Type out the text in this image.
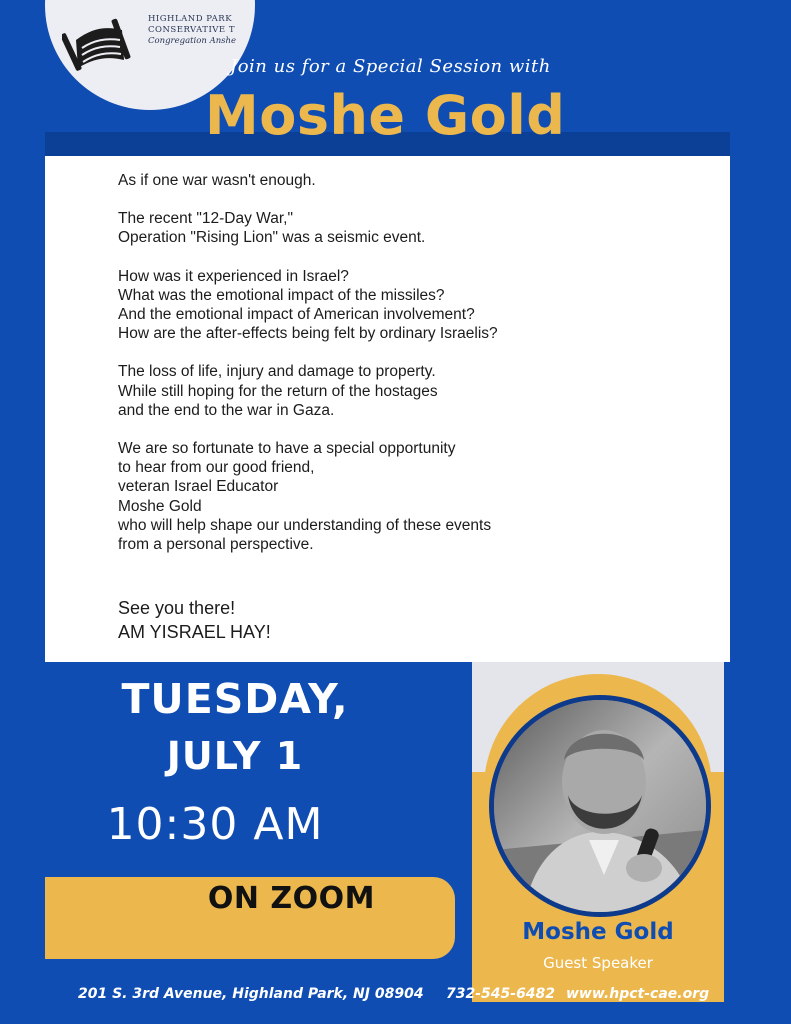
HIGHLAND PARK
CONSERVATIVE T
Congregation Anshe
Join us for a Special Session with
Moshe Gold

As if one war wasn't enough.

The recent "12-Day War,"
Operation "Rising Lion" was a seismic event.

How was it experienced in Israel?
What was the emotional impact of the missiles?
And the emotional impact of American involvement?
How are the after-effects being felt by ordinary Israelis?

The loss of life, injury and damage to property.
While still hoping for the return of the hostages
and the end to the war in Gaza.

We are so fortunate to have a special opportunity
to hear from our good friend,
veteran Israel Educator
Moshe Gold
who will help shape our understanding of these events
from a personal perspective.

See you there!
AM YISRAEL HAY!
TUESDAY,
JULY 1
10:30 AM
ON ZOOM
Moshe Gold
Guest Speaker
201 S. 3rd Avenue, Highland Park, NJ 08904 732-545-6482 www.hpct-cae.org
